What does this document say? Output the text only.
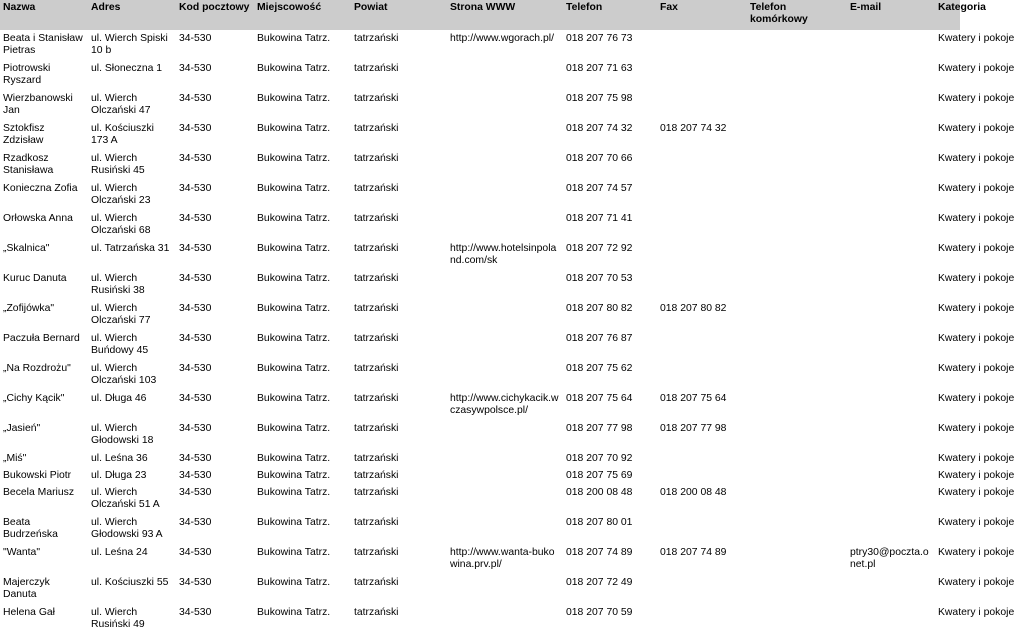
Nazwa	Adres	Kod pocztowy	Miejscowość	Powiat	Strona WWW	Telefon	Fax	Telefon komórkowy	E-mail	Kategoria
Beata i Stanisław Pietras	ul. Wierch Spiski 10 b	34-530	Bukowina Tatrz.	tatrzański	http://www.wgorach.pl/	018 207 76 73				Kwatery i pokoje
Piotrowski Ryszard	ul. Słoneczna 1	34-530	Bukowina Tatrz.	tatrzański		018 207 71 63				Kwatery i pokoje
Wierzbanowski Jan	ul. Wierch Olczański 47	34-530	Bukowina Tatrz.	tatrzański		018 207 75 98				Kwatery i pokoje
Sztokfisz Zdzisław	ul. Kościuszki 173 A	34-530	Bukowina Tatrz.	tatrzański		018 207 74 32	018 207 74 32			Kwatery i pokoje
Rzadkosz Stanisława	ul. Wierch Rusiński 45	34-530	Bukowina Tatrz.	tatrzański		018 207 70 66				Kwatery i pokoje
Konieczna Zofia	ul. Wierch Olczański 23	34-530	Bukowina Tatrz.	tatrzański		018 207 74 57				Kwatery i pokoje
Orłowska Anna	ul. Wierch Olczański 68	34-530	Bukowina Tatrz.	tatrzański		018 207 71 41				Kwatery i pokoje
„Skalnica"	ul. Tatrzańska 31	34-530	Bukowina Tatrz.	tatrzański	http://www.hotelsinpoland.com/sk	018 207 72 92				Kwatery i pokoje
Kuruc Danuta	ul. Wierch Rusiński 38	34-530	Bukowina Tatrz.	tatrzański		018 207 70 53				Kwatery i pokoje
„Zofijówka"	ul. Wierch Olczański 77	34-530	Bukowina Tatrz.	tatrzański		018 207 80 82	018 207 80 82			Kwatery i pokoje
Paczuła Bernard	ul. Wierch Buńdowy 45	34-530	Bukowina Tatrz.	tatrzański		018 207 76 87				Kwatery i pokoje
„Na Rozdrożu"	ul. Wierch Olczański 103	34-530	Bukowina Tatrz.	tatrzański		018 207 75 62				Kwatery i pokoje
„Cichy Kącik"	ul. Długa 46	34-530	Bukowina Tatrz.	tatrzański	http://www.cichykacik.wczasywpolsce.pl/	018 207 75 64	018 207 75 64			Kwatery i pokoje
„Jasień"	ul. Wierch Głodowski 18	34-530	Bukowina Tatrz.	tatrzański		018 207 77 98	018 207 77 98			Kwatery i pokoje
„Miś"	ul. Leśna 36	34-530	Bukowina Tatrz.	tatrzański		018 207 70 92				Kwatery i pokoje
Bukowski Piotr	ul. Długa 23	34-530	Bukowina Tatrz.	tatrzański		018 207 75 69				Kwatery i pokoje
Becela Mariusz	ul. Wierch Olczański 51 A	34-530	Bukowina Tatrz.	tatrzański		018 200 08 48	018 200 08 48			Kwatery i pokoje
Beata Budrzeńska	ul. Wierch Głodowski 93 A	34-530	Bukowina Tatrz.	tatrzański		018 207 80 01				Kwatery i pokoje
"Wanta"	ul. Leśna 24	34-530	Bukowina Tatrz.	tatrzański	http://www.wanta-bukowina.prv.pl/	018 207 74 89	018 207 74 89		ptry30@poczta.onet.pl	Kwatery i pokoje
Majerczyk Danuta	ul. Kościuszki 55	34-530	Bukowina Tatrz.	tatrzański		018 207 72 49				Kwatery i pokoje
Helena Gał	ul. Wierch Rusiński 49	34-530	Bukowina Tatrz.	tatrzański		018 207 70 59				Kwatery i pokoje
